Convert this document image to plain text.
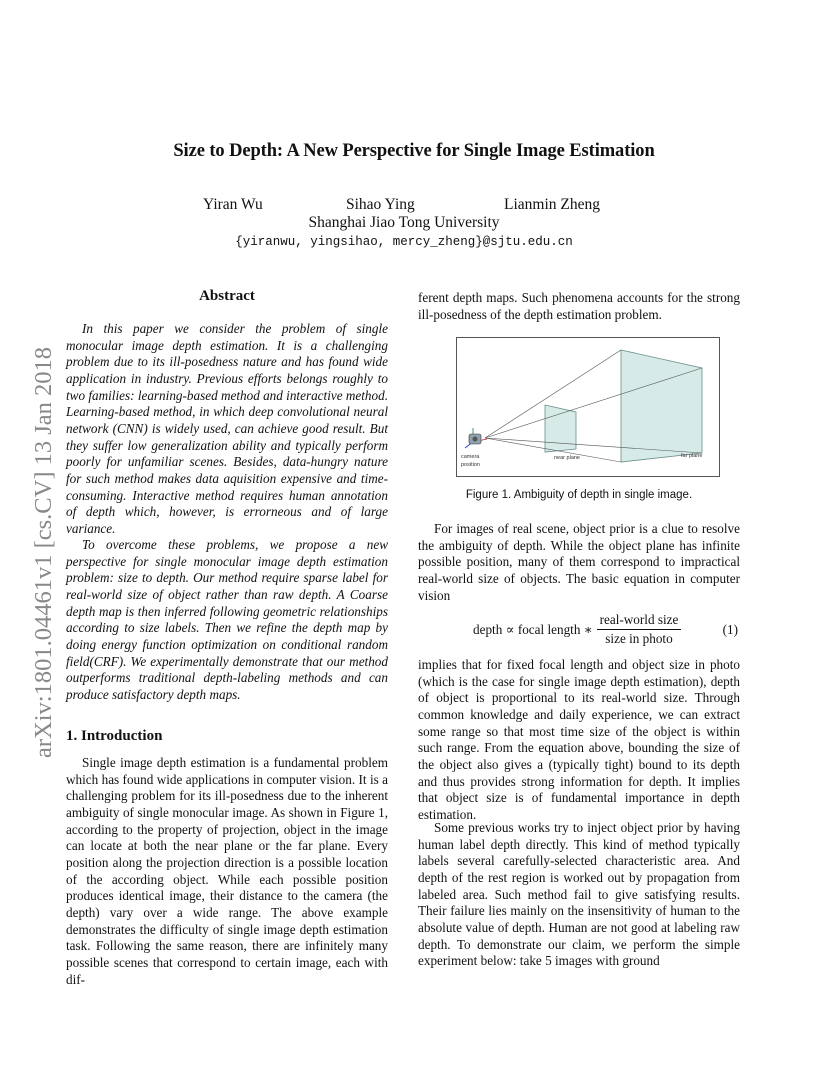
arXiv:1801.04461v1 [cs.CV] 13 Jan 2018
Size to Depth: A New Perspective for Single Image Estimation
Yiran Wu	Sihao Ying	Lianmin Zheng
Shanghai Jiao Tong University
{yiranwu, yingsihao, mercy_zheng}@sjtu.edu.cn
Abstract
In this paper we consider the problem of single monocular image depth estimation. It is a challenging problem due to its ill-posedness nature and has found wide application in industry. Previous efforts belongs roughly to two families: learning-based method and interactive method. Learning-based method, in which deep convolutional neural network (CNN) is widely used, can achieve good result. But they suffer low generalization ability and typically perform poorly for unfamiliar scenes. Besides, data-hungry nature for such method makes data aquisition expensive and time-consuming. Interactive method requires human annotation of depth which, however, is errorneous and of large variance.
To overcome these problems, we propose a new perspective for single monocular image depth estimation problem: size to depth. Our method require sparse label for real-world size of object rather than raw depth. A Coarse depth map is then inferred following geometric relationships according to size labels. Then we refine the depth map by doing energy function optimization on conditional random field(CRF). We experimentally demonstrate that our method outperforms traditional depth-labeling methods and can produce satisfactory depth maps.
1. Introduction
Single image depth estimation is a fundamental problem which has found wide applications in computer vision. It is a challenging problem for its ill-posedness due to the inherent ambiguity of single monocular image. As shown in Figure 1, according to the property of projection, object in the image can locate at both the near plane or the far plane. Every position along the projection direction is a possible location of the according object. While each possible position produces identical image, their distance to the camera (the depth) vary over a wide range. The above example demonstrates the difficulty of single image depth estimation task. Following the same reason, there are infinitely many possible scenes that correspond to certain image, each with dif-
ferent depth maps. Such phenomena accounts for the strong ill-posedness of the depth estimation problem.
camera
position
near plane	far plane
Figure 1. Ambiguity of depth in single image.
For images of real scene, object prior is a clue to resolve the ambiguity of depth. While the object plane has infinite possible position, many of them correspond to impractical real-world size of objects. The basic equation in computer vision
depth ∝ focal length ∗
real-world size
size in photo
(1)
implies that for fixed focal length and object size in photo (which is the case for single image depth estimation), depth of object is proportional to its real-world size. Through common knowledge and daily experience, we can extract some range so that most time size of the object is within such range. From the equation above, bounding the size of the object also gives a (typically tight) bound to its depth and thus provides strong information for depth. It implies that object size is of fundamental importance in depth estimation.
Some previous works try to inject object prior by having human label depth directly. This kind of method typically labels several carefully-selected characteristic area. And depth of the rest region is worked out by propagation from labeled area. Such method fail to give satisfying results. Their failure lies mainly on the insensitivity of human to the absolute value of depth. Human are not good at labeling raw depth. To demonstrate our claim, we perform the simple experiment below: take 5 images with ground
